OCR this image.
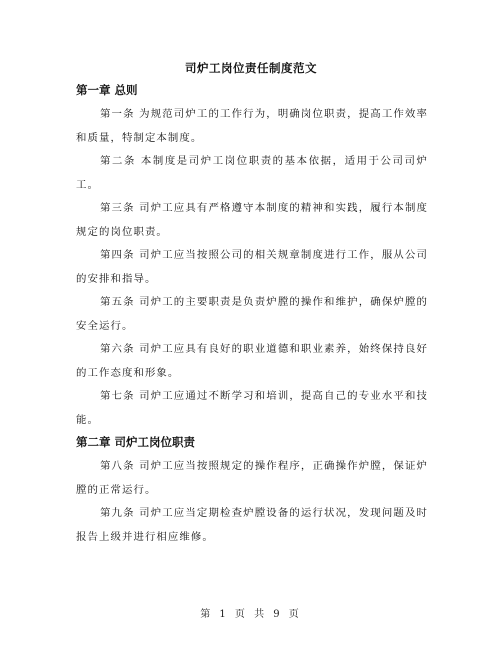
司炉工岗位责任制度范文
第一章 总则

第一条 为规范司炉工的工作行为，明确岗位职责，提高工作效率和质量，特制定本制度。

第二条 本制度是司炉工岗位职责的基本依据，适用于公司司炉工。

第三条 司炉工应具有严格遵守本制度的精神和实践，履行本制度规定的岗位职责。

第四条 司炉工应当按照公司的相关规章制度进行工作，服从公司的安排和指导。

第五条 司炉工的主要职责是负责炉膛的操作和维护，确保炉膛的安全运行。

第六条 司炉工应具有良好的职业道德和职业素养，始终保持良好的工作态度和形象。

第七条 司炉工应通过不断学习和培训，提高自己的专业水平和技能。

第二章 司炉工岗位职责

第八条 司炉工应当按照规定的操作程序，正确操作炉膛，保证炉膛的正常运行。

第九条 司炉工应当定期检查炉膛设备的运行状况，发现问题及时报告上级并进行相应维修。

第 1 页 共 9 页
